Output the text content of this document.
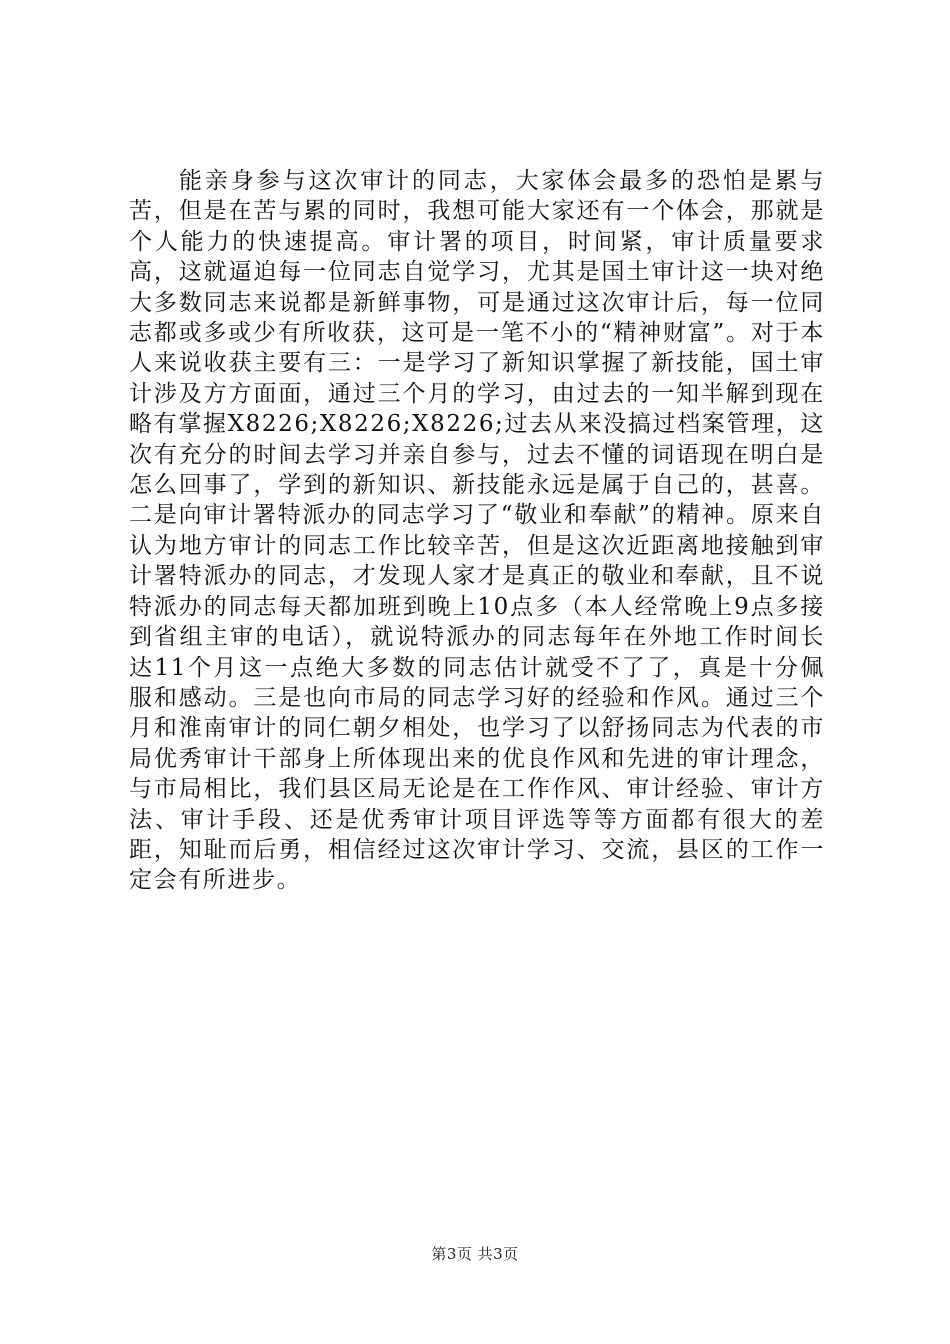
能亲身参与这次审计的同志，大家体会最多的恐怕是累与苦，但是在苦与累的同时，我想可能大家还有一个体会，那就是个人能力的快速提高。审计署的项目，时间紧，审计质量要求高，这就逼迫每一位同志自觉学习，尤其是国土审计这一块对绝大多数同志来说都是新鲜事物，可是通过这次审计后，每一位同志都或多或少有所收获，这可是一笔不小的“精神财富”。对于本人来说收获主要有三：一是学习了新知识掌握了新技能，国土审计涉及方方面面，通过三个月的学习，由过去的一知半解到现在略有掌握X8226;X8226;X8226;过去从来没搞过档案管理，这次有充分的时间去学习并亲自参与，过去不懂的词语现在明白是怎么回事了，学到的新知识、新技能永远是属于自己的，甚喜。二是向审计署特派办的同志学习了“敬业和奉献”的精神。原来自认为地方审计的同志工作比较辛苦，但是这次近距离地接触到审计署特派办的同志，才发现人家才是真正的敬业和奉献，且不说特派办的同志每天都加班到晚上10点多（本人经常晚上9点多接到省组主审的电话），就说特派办的同志每年在外地工作时间长达11个月这一点绝大多数的同志估计就受不了了，真是十分佩服和感动。三是也向市局的同志学习好的经验和作风。通过三个月和淮南审计的同仁朝夕相处，也学习了以舒扬同志为代表的市局优秀审计干部身上所体现出来的优良作风和先进的审计理念，与市局相比，我们县区局无论是在工作作风、审计经验、审计方法、审计手段、还是优秀审计项目评选等等方面都有很大的差距，知耻而后勇，相信经过这次审计学习、交流，县区的工作一定会有所进步。

第3页 共3页
